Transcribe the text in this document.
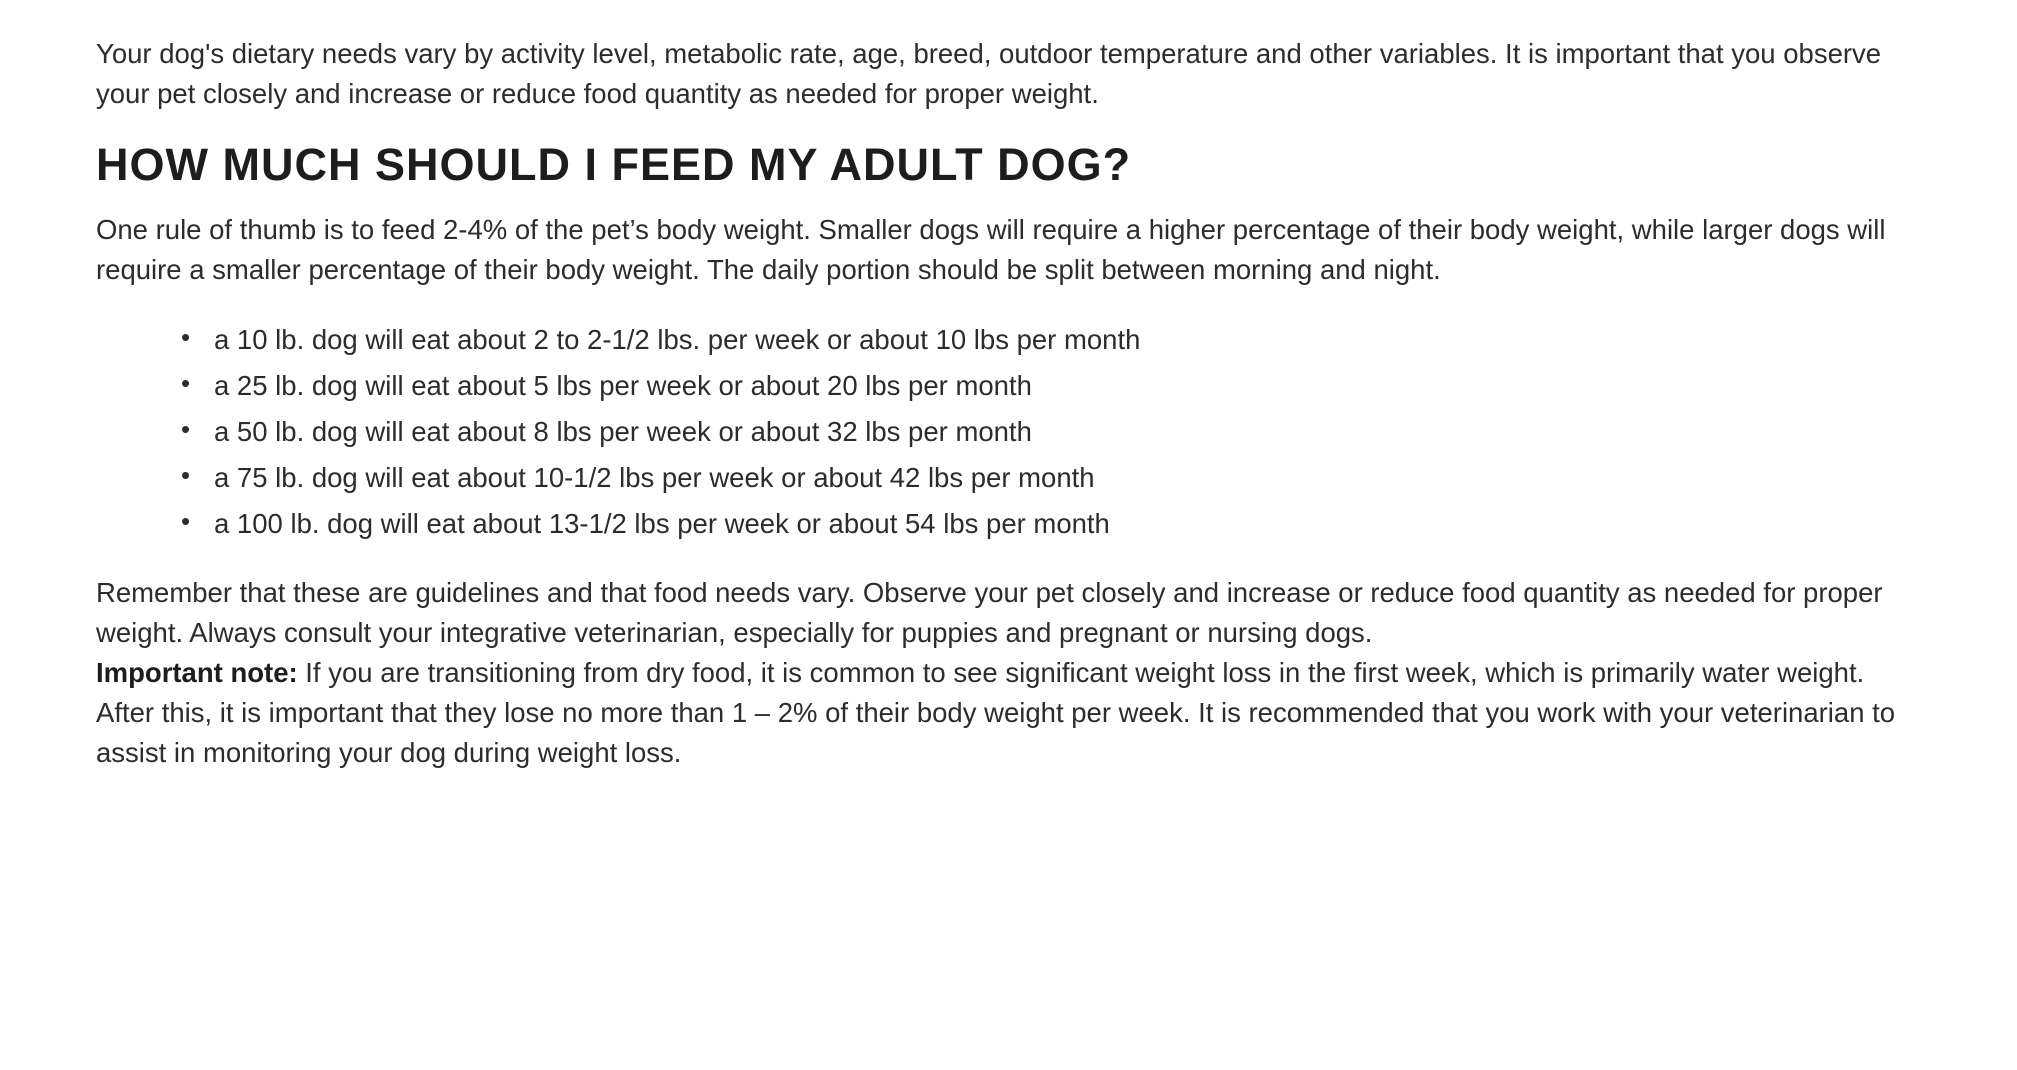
Your dog's dietary needs vary by activity level, metabolic rate, age, breed, outdoor temperature and other variables. It is important that you observe your pet closely and increase or reduce food quantity as needed for proper weight.

HOW MUCH SHOULD I FEED MY ADULT DOG?

One rule of thumb is to feed 2-4% of the pet’s body weight. Smaller dogs will require a higher percentage of their body weight, while larger dogs will require a smaller percentage of their body weight. The daily portion should be split between morning and night.

• a 10 lb. dog will eat about 2 to 2-1/2 lbs. per week or about 10 lbs per month
• a 25 lb. dog will eat about 5 lbs per week or about 20 lbs per month
• a 50 lb. dog will eat about 8 lbs per week or about 32 lbs per month
• a 75 lb. dog will eat about 10-1/2 lbs per week or about 42 lbs per month
• a 100 lb. dog will eat about 13-1/2 lbs per week or about 54 lbs per month

Remember that these are guidelines and that food needs vary. Observe your pet closely and increase or reduce food quantity as needed for proper weight. Always consult your integrative veterinarian, especially for puppies and pregnant or nursing dogs.

Important note: If you are transitioning from dry food, it is common to see significant weight loss in the first week, which is primarily water weight. After this, it is important that they lose no more than 1 – 2% of their body weight per week. It is recommended that you work with your veterinarian to assist in monitoring your dog during weight loss.
